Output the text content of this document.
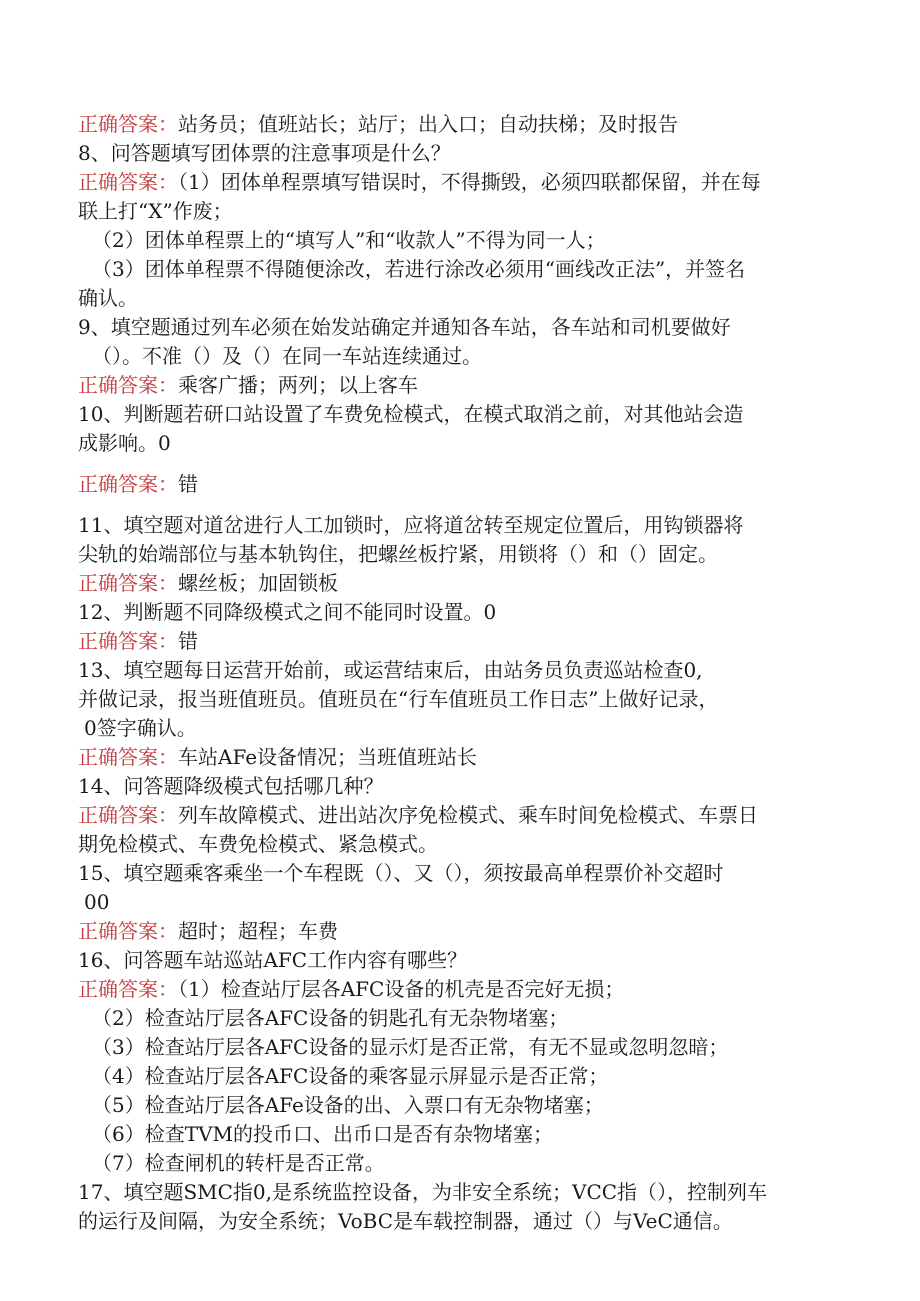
正确答案：站务员；值班站长；站厅；出入口；自动扶梯；及时报告
8、问答题填写团体票的注意事项是什么？
正确答案：（1）团体单程票填写错误时，不得撕毁，必须四联都保留，并在每
联上打“X”作废；
（2）团体单程票上的“填写人”和“收款人”不得为同一人；
（3）团体单程票不得随便涂改，若进行涂改必须用“画线改正法”，并签名
确认。
9、填空题通过列车必须在始发站确定并通知各车站，各车站和司机要做好
（）。不准（）及（）在同一车站连续通过。
正确答案：乘客广播；两列；以上客车
10、判断题若研口站设置了车费免检模式，在模式取消之前，对其他站会造
成影响。0
正确答案：错
11、填空题对道岔进行人工加锁时，应将道岔转至规定位置后，用钩锁器将
尖轨的始端部位与基本轨钩住，把螺丝板拧紧，用锁将（）和（）固定。
正确答案：螺丝板；加固锁板
12、判断题不同降级模式之间不能同时设置。0
正确答案：错
13、填空题每日运营开始前，或运营结束后，由站务员负责巡站检查0,
并做记录，报当班值班员。值班员在“行车值班员工作日志”上做好记录，
0签字确认。
正确答案：车站AFe设备情况；当班值班站长
14、问答题降级模式包括哪几种？
正确答案：列车故障模式、进出站次序免检模式、乘车时间免检模式、车票日
期免检模式、车费免检模式、紧急模式。
15、填空题乘客乘坐一个车程既（）、又（），须按最高单程票价补交超时
00
正确答案：超时；超程；车费
16、问答题车站巡站AFC工作内容有哪些？
正确答案：（1）检查站厅层各AFC设备的机壳是否完好无损；
（2）检查站厅层各AFC设备的钥匙孔有无杂物堵塞；
（3）检查站厅层各AFC设备的显示灯是否正常，有无不显或忽明忽暗；
（4）检查站厅层各AFC设备的乘客显示屏显示是否正常；
（5）检查站厅层各AFe设备的出、入票口有无杂物堵塞；
（6）检查TVM的投币口、出币口是否有杂物堵塞；
（7）检查闸机的转杆是否正常。
17、填空题SMC指0,是系统监控设备，为非安全系统；VCC指（），控制列车
的运行及间隔，为安全系统；VoBC是车载控制器，通过（）与VeC通信。
